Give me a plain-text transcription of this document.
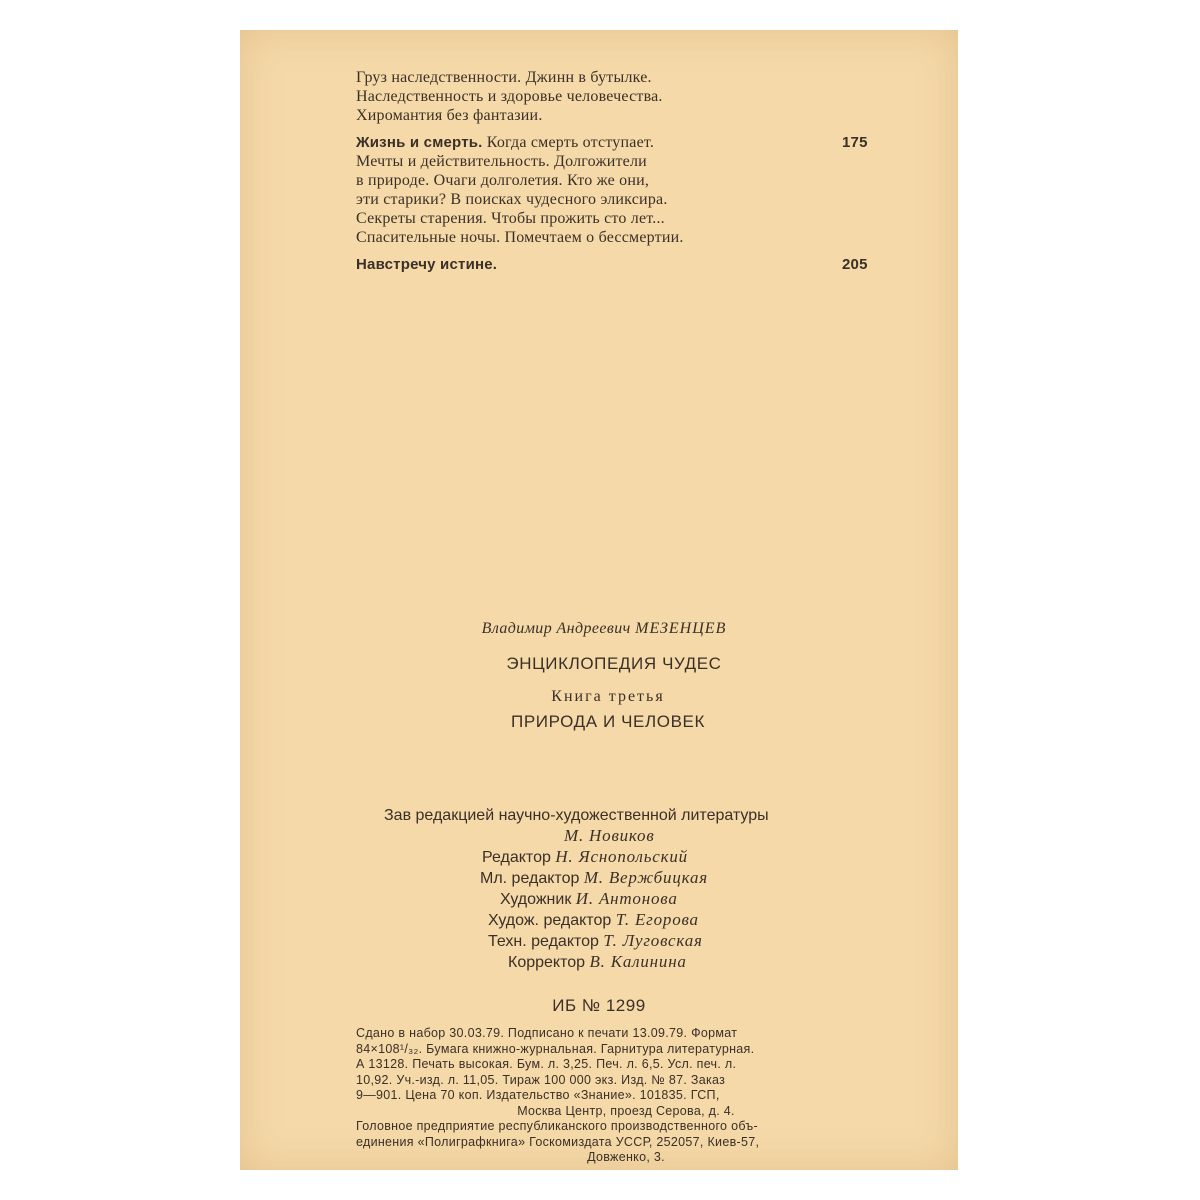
Груз наследственности. Джинн в бутылке.
Наследственность и здоровье человечества.
Хиромантия без фантазии.
Жизнь и смерть. Когда смерть отступает.	175
Мечты и действительность. Долгожители
в природе. Очаги долголетия. Кто же они,
эти старики? В поисках чудесного эликсира.
Секреты старения. Чтобы прожить сто лет...
Спасительные ночы. Помечтаем о бессмертии.
Навстречу истине.	205
Владимир Андреевич МЕЗЕНЦЕВ
ЭНЦИКЛОПЕДИЯ ЧУДЕС
Книга третья
ПРИРОДА И ЧЕЛОВЕК
Зав редакцией научно-художественной литературы
М. Новиков
Редактор Н. Яснопольский
Мл. редактор М. Вержбицкая
Художник И. Антонова
Худож. редактор Т. Егорова
Техн. редактор Т. Луговская
Корректор В. Калинина
ИБ № 1299
Сдано в набор 30.03.79. Подписано к печати 13.09.79. Формат
84×108¹/₃₂. Бумага книжно-журнальная. Гарнитура литературная.
А 13128. Печать высокая. Бум. л. 3,25. Печ. л. 6,5. Усл. печ. л.
10,92. Уч.-изд. л. 11,05. Тираж 100 000 экз. Изд. № 87. Заказ
9—901. Цена 70 коп. Издательство «Знание». 101835. ГСП,
Москва Центр, проезд Серова, д. 4.
Головное предприятие республиканского производственного объ-
единения «Полиграфкнига» Госкомиздата УССР, 252057, Киев-57,
Довженко, 3.
